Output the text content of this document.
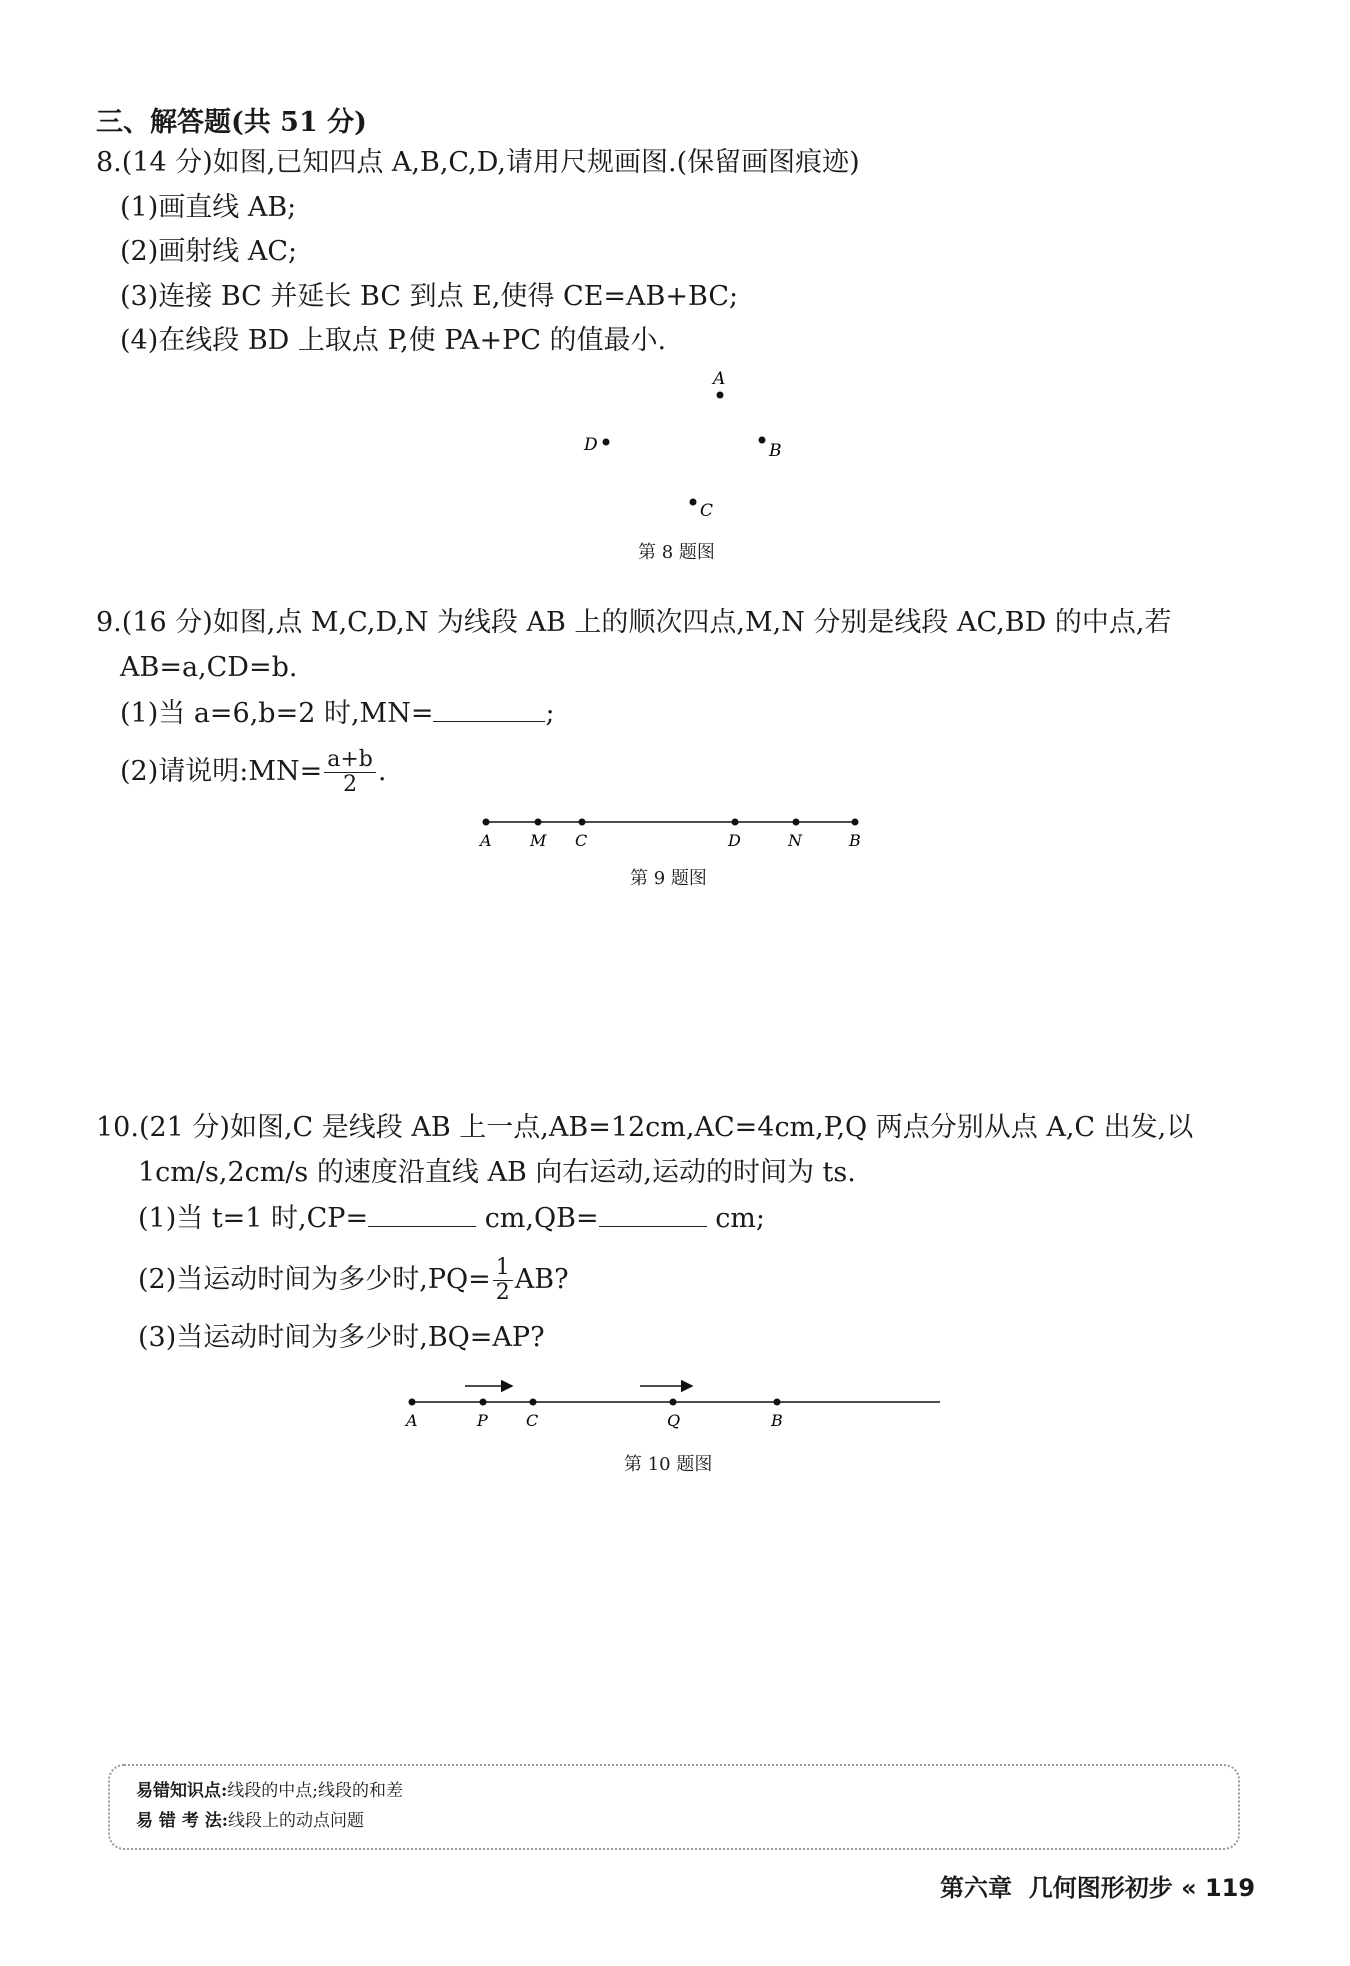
三、解答题(共 51 分)
8.(14 分)如图,已知四点 A,B,C,D,请用尺规画图.(保留画图痕迹)
(1)画直线 AB;
(2)画射线 AC;
(3)连接 BC 并延长 BC 到点 E,使得 CE=AB+BC;
(4)在线段 BD 上取点 P,使 PA+PC 的值最小.
A
B
C
D
第 8 题图
9.(16 分)如图,点 M,C,D,N 为线段 AB 上的顺次四点,M,N 分别是线段 AC,BD 的中点,若
AB=a,CD=b.
(1)当 a=6,b=2 时,MN=	;
(2)请说明:MN= $\frac{a+b}{2}$ .
A M C	D	N	B
第 9 题图
10.(21 分)如图,C 是线段 AB 上一点,AB=12cm,AC=4cm,P,Q 两点分别从点 A,C 出发,以
1cm/s,2cm/s 的速度沿直线 AB 向右运动,运动的时间为 ts.
(1)当 t=1 时,CP=	cm,QB=	cm;
(2)当运动时间为多少时$,PQ= \frac{1}{2}$ AB?
(3)当运动时间为多少时,BQ=AP?
A	P C	Q	B
第 10 题图
易错知识点:线段的中点;线段的和差
易 错 考 法:线段上的动点问题
第六章 几何图形初步 « 119
